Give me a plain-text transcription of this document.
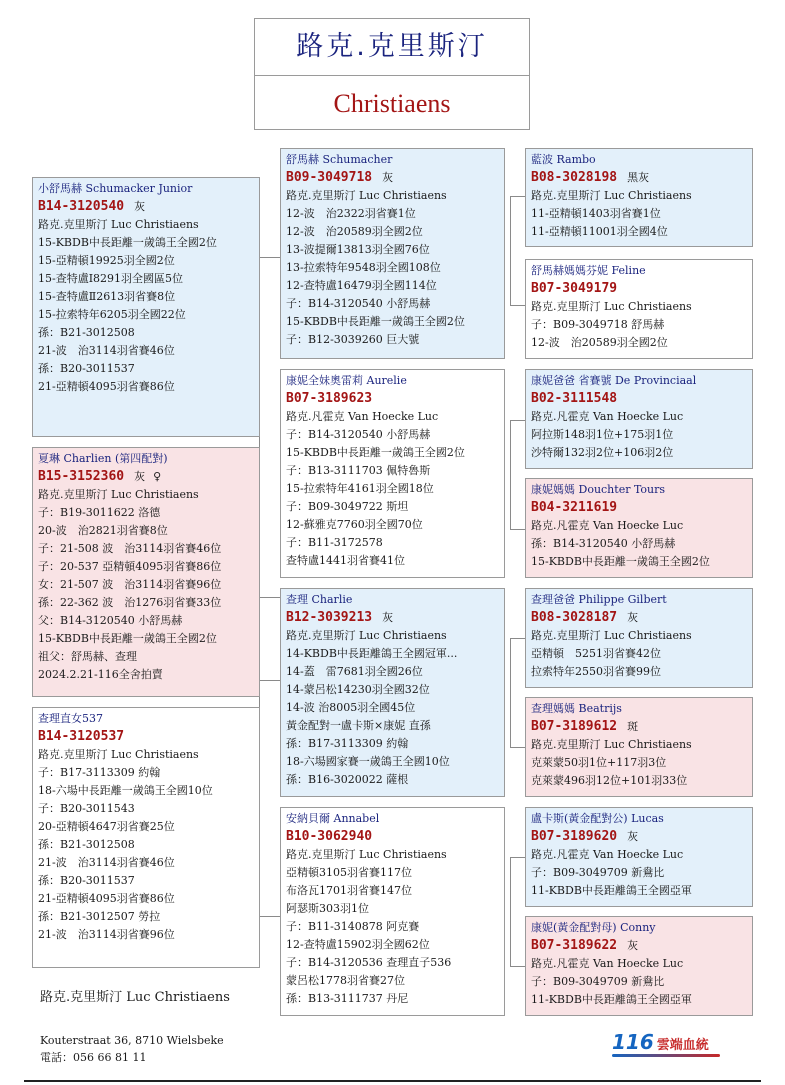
路克.克里斯汀
Christiaens
小舒馬赫 Schumacker Junior
B14-3120540 灰
路克.克里斯汀 Luc Christiaens
15-KBDB中長距離一歲鴿王全國2位
15-亞精頓19925羽全國2位
15-查特盧Ⅰ8291羽全國區5位
15-查特盧Ⅱ2613羽省賽8位
15-拉索特年6205羽全國22位
孫：B21-3012508
21-波　治3114羽省賽46位
孫：B20-3011537
21-亞精頓4095羽省賽86位
夏琳 Charlien (第四配對)
B15-3152360 灰 ♀
路克.克里斯汀 Luc Christiaens
子：B19-3011622 洛德
20-波　治2821羽省賽8位
子：21-508 波　治3114羽省賽46位
子：20-537 亞精頓4095羽省賽86位
女：21-507 波　治3114羽省賽96位
孫：22-362 波　治1276羽省賽33位
父：B14-3120540 小舒馬赫
15-KBDB中長距離一歲鴿王全國2位
祖父：舒馬赫、查理
2024.2.21-116全舍拍賣
查理直女537
B14-3120537
路克.克里斯汀 Luc Christiaens
子：B17-3113309 約翰
18-六場中長距離一歲鴿王全國10位
子：B20-3011543
20-亞精頓4647羽省賽25位
孫：B21-3012508
21-波　治3114羽省賽46位
孫：B20-3011537
21-亞精頓4095羽省賽86位
孫：B21-3012507 勞拉
21-波　治3114羽省賽96位
舒馬赫 Schumacher
B09-3049718 灰
路克.克里斯汀 Luc Christiaens
12-波　治2322羽省賽1位
12-波　治20589羽全國2位
13-波提爾13813羽全國76位
13-拉索特年9548羽全國108位
12-查特盧16479羽全國114位
子：B14-3120540 小舒馬赫
15-KBDB中長距離一歲鴿王全國2位
子：B12-3039260 巨大號
康妮全妹奧雷莉 Aurelie
B07-3189623
路克.凡霍克 Van Hoecke Luc
子：B14-3120540 小舒馬赫
15-KBDB中長距離一歲鴿王全國2位
子：B13-3111703 佩特魯斯
15-拉索特年4161羽全國18位
子：B09-3049722 斯坦
12-蘇雅克7760羽全國70位
子：B11-3172578
查特盧1441羽省賽41位
查理 Charlie
B12-3039213 灰
路克.克里斯汀 Luc Christiaens
14-KBDB中長距離鴿王全國冠軍...
14-蓋　雷7681羽全國26位
14-蒙呂松14230羽全國32位
14-波 治8005羽全國45位
黃金配對一盧卡斯×康妮 直孫
孫：B17-3113309 約翰
18-六場國家賽一歲鴿王全國10位
孫：B16-3020022 薩根
安納貝爾 Annabel
B10-3062940
路克.克里斯汀 Luc Christiaens
亞精頓3105羽省賽117位
布洛瓦1701羽省賽147位
阿瑟斯303羽1位
子：B11-3140878 阿克賽
12-查特盧15902羽全國62位
子：B14-3120536 查理直子536
蒙呂松1778羽省賽27位
孫：B13-3111737 丹尼
藍波 Rambo
B08-3028198 黑灰
路克.克里斯汀 Luc Christiaens
11-亞精頓1403羽省賽1位
11-亞精頓11001羽全國4位
舒馬赫媽媽芬妮 Feline
B07-3049179
路克.克里斯汀 Luc Christiaens
子：B09-3049718 舒馬赫
12-波　治20589羽全國2位
康妮爸爸 省賽號 De Provinciaal
B02-3111548
路克.凡霍克 Van Hoecke Luc
阿拉斯148羽1位+175羽1位
沙特爾132羽2位+106羽2位
康妮媽媽 Douchter Tours
B04-3211619
路克.凡霍克 Van Hoecke Luc
孫：B14-3120540 小舒馬赫
15-KBDB中長距離一歲鴿王全國2位
查理爸爸 Philippe Gilbert
B08-3028187 灰
路克.克里斯汀 Luc Christiaens
亞精頓　5251羽省賽42位
拉索特年2550羽省賽99位
查理媽媽 Beatrijs
B07-3189612 斑
路克.克里斯汀 Luc Christiaens
克萊蒙50羽1位+117羽3位
克萊蒙496羽12位+101羽33位
盧卡斯(黃金配對公) Lucas
B07-3189620 灰
路克.凡霍克 Van Hoecke Luc
子：B09-3049709 新鴦比
11-KBDB中長距離鴿王全國亞軍
康妮(黃金配對母) Conny
B07-3189622 灰
路克.凡霍克 Van Hoecke Luc
子：B09-3049709 新鴦比
11-KBDB中長距離鴿王全國亞軍
路克.克里斯汀 Luc Christiaens
Kouterstraat 36, 8710 Wielsbeke
電話：056 66 81 11
116 雲端血統
